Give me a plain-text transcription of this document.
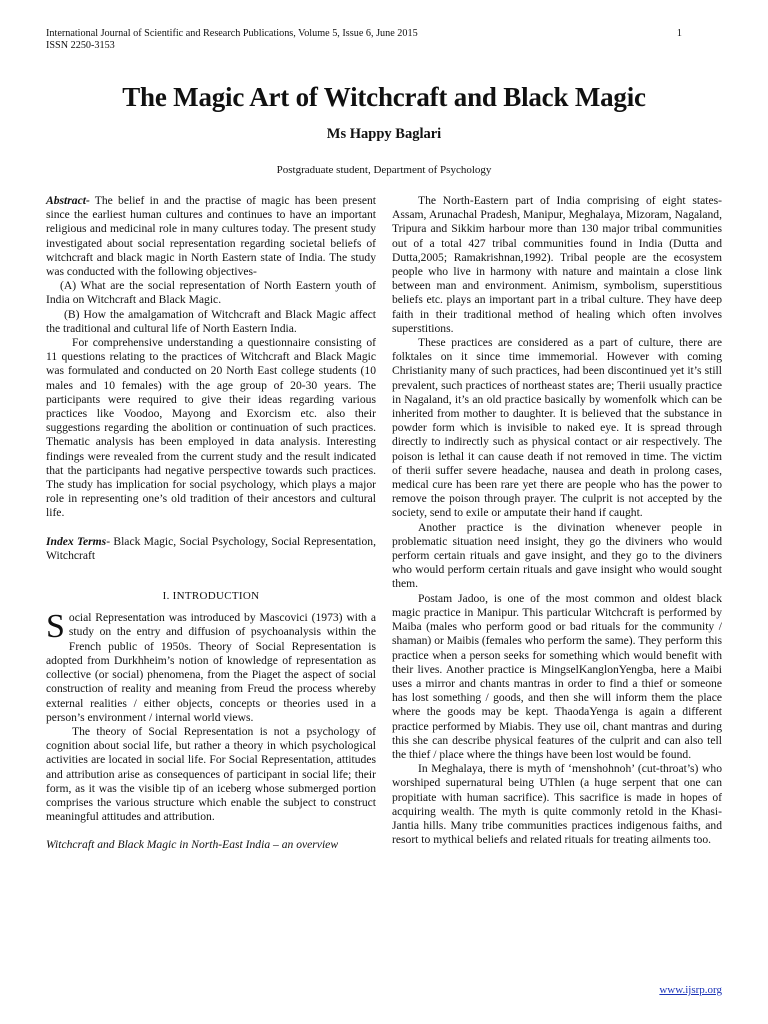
International Journal of Scientific and Research Publications, Volume 5, Issue 6, June 2015
ISSN 2250-3153
1
The Magic Art of Witchcraft and Black Magic
Ms Happy Baglari
Postgraduate student, Department of Psychology

Abstract- The belief in and the practise of magic has been present since the earliest human cultures and continues to have an important religious and medicinal role in many cultures today. The present study investigated about social representation regarding societal beliefs of witchcraft and black magic in North Eastern state of India. The study was conducted with the following objectives-

(A) What are the social representation of North Eastern youth of India on Witchcraft and Black Magic.

(B) How the amalgamation of Witchcraft and Black Magic affect the traditional and cultural life of North Eastern India.

For comprehensive understanding a questionnaire consisting of 11 questions relating to the practices of Witchcraft and Black Magic was formulated and conducted on 20 North East college students (10 males and 10 females) with the age group of 20-30 years. The participants were required to give their ideas regarding various practices like Voodoo, Mayong and Exorcism etc. also their suggestions regarding the abolition or continuation of such practices. Thematic analysis has been employed in data analysis. Interesting findings were revealed from the current study and the result indicated that the participants had negative perspective towards such practices. The study has implication for social psychology, which plays a major role in representing one’s old tradition of their ancestors and cultural life.

Index Terms- Black Magic, Social Psychology, Social Representation, Witchcraft

I. INTRODUCTION

Social Representation was introduced by Mascovici (1973) with a study on the entry and diffusion of psychoanalysis within the French public of 1950s. Theory of Social Representation is adopted from Durkhheim’s notion of knowledge of representation as collective (or social) phenomena, from the Piaget the aspect of social construction of reality and meaning from Freud the process whereby external realities / either objects, concepts or theories used in a person’s environment / internal world views.

The theory of Social Representation is not a psychology of cognition about social life, but rather a theory in which psychological activities are located in social life. For Social Representation, attitudes and attribution arise as consequences of participant in social life; their form, as it was the visible tip of an iceberg whose submerged portion comprises the various structure which enable the subject to construct meaningful attitudes and attribution.

Witchcraft and Black Magic in North-East India – an overview

The North-Eastern part of India comprising of eight states- Assam, Arunachal Pradesh, Manipur, Meghalaya, Mizoram, Nagaland, Tripura and Sikkim harbour more than 130 major tribal communities out of a total 427 tribal communities found in India (Dutta and Dutta,2005; Ramakrishnan,1992). Tribal people are the ecosystem people who live in harmony with nature and maintain a close link between man and environment. Animism, symbolism, superstitious beliefs etc. plays an important part in a tribal culture. They have deep faith in their traditional method of healing which often involves superstitions.

These practices are considered as a part of culture, there are folktales on it since time immemorial. However with coming Christianity many of such practices, had been discontinued yet it’s still prevalent, such practices of northeast states are; Therii usually practice in Nagaland, it’s an old practice basically by womenfolk which can be inherited from mother to daughter. It is believed that the substance in powder form which is invisible to naked eye. It is spread through directly to indirectly such as physical contact or air respectively. The poison is lethal it can cause death if not removed in time. The victim of therii suffer severe headache, nausea and death in prolong cases, medical cure has been rare yet there are people who has the power to remove the poison through prayer. The culprit is not accepted by the society, send to exile or amputate their hand if caught.

Another practice is the divination whenever people in problematic situation need insight, they go the diviners who would perform certain rituals and gave insight, and they go to the diviners who would perform certain rituals and gave insight who would sought them.

Postam Jadoo, is one of the most common and oldest black magic practice in Manipur. This particular Witchcraft is performed by Maiba (males who perform good or bad rituals for the community / shaman) or Maibis (females who perform the same). They perform this practice when a person seeks for something which would benefit with their lives. Another practice is MingselKanglonYengba, here a Maibi uses a mirror and chants mantras in order to find a thief or someone has lost something / goods, and then she will inform them the place where the goods may be kept. ThaodaYenga is again a different practice performed by Miabis. They use oil, chant mantras and during this she can describe physical features of the culprit and can also tell the thief / place where the things have been lost would be found.

In Meghalaya, there is myth of ‘menshohnoh’ (cut-throat’s) who worshiped supernatural being UThlen (a huge serpent that one can propitiate with human sacrifice). This sacrifice is made in hopes of acquiring wealth. The myth is quite commonly retold in the Khasi-Jantia hills. Many tribe communities practices indigenous faiths, and resort to mythical beliefs and related rituals for treating ailments too.

www.ijsrp.org
